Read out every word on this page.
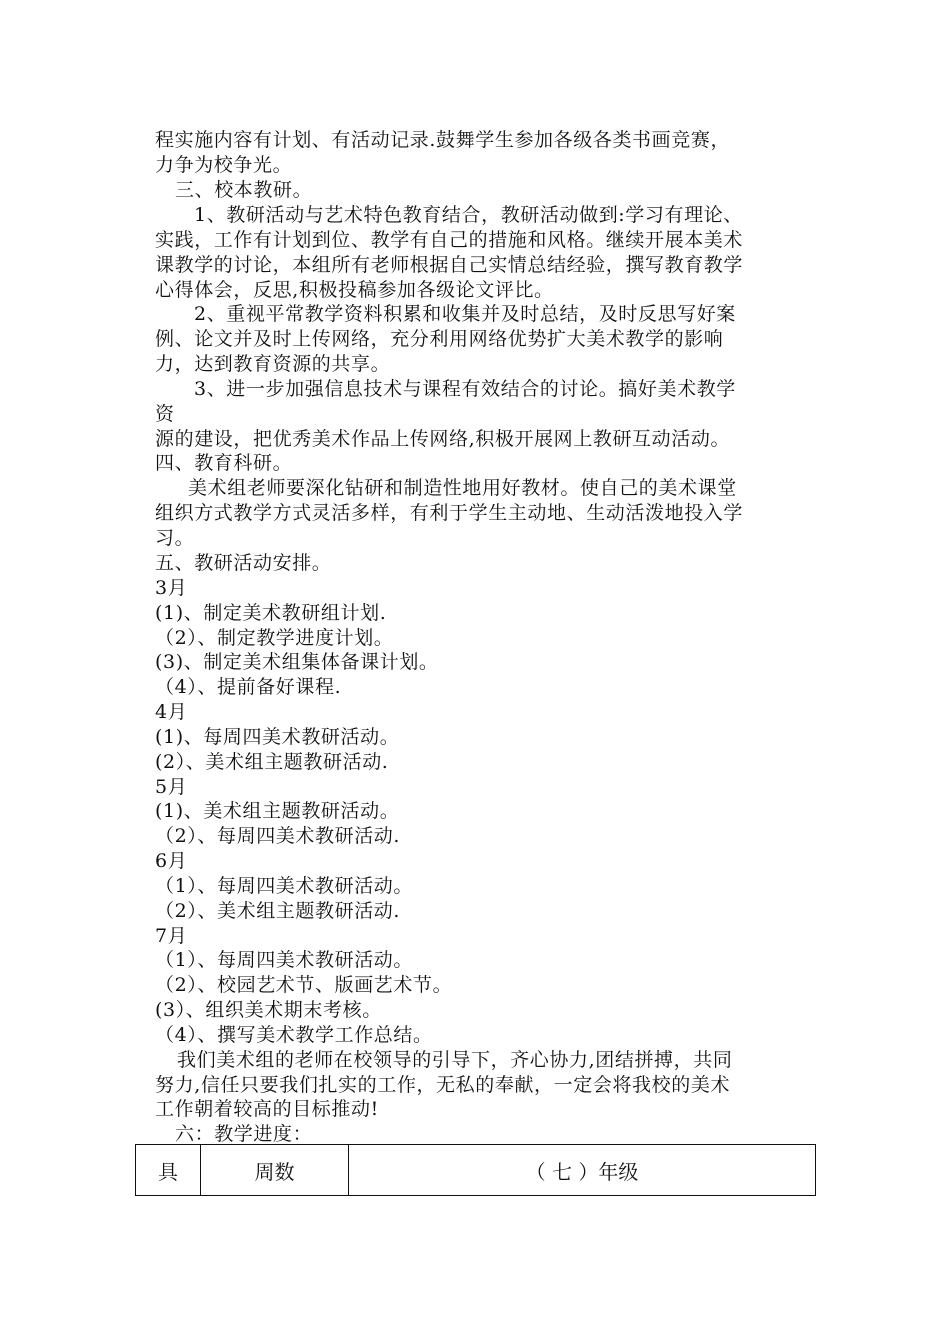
程实施内容有计划、有活动记录.鼓舞学生参加各级各类书画竞赛，
力争为校争光。
三、校本教研。
1、教研活动与艺术特色教育结合，教研活动做到:学习有理论、
实践，工作有计划到位、教学有自己的措施和风格。继续开展本美术
课教学的讨论，本组所有老师根据自己实情总结经验，撰写教育教学
心得体会，反思,积极投稿参加各级论文评比。
2、重视平常教学资料积累和收集并及时总结，及时反思写好案
例、论文并及时上传网络，充分利用网络优势扩大美术教学的影响
力，达到教育资源的共享。
3、进一步加强信息技术与课程有效结合的讨论。搞好美术教学
资
源的建设，把优秀美术作品上传网络,积极开展网上教研互动活动。
四、教育科研。
美术组老师要深化钻研和制造性地用好教材。使自己的美术课堂
组织方式教学方式灵活多样，有利于学生主动地、生动活泼地投入学
习。
五、教研活动安排。
3月
(1)、制定美术教研组计划.
（2）、制定教学进度计划。
(3)、制定美术组集体备课计划。
（4）、提前备好课程.
4月
(1)、每周四美术教研活动。
(2）、美术组主题教研活动.
5月
(1)、美术组主题教研活动。
（2）、每周四美术教研活动.
6月
（1）、每周四美术教研活动。
（2）、美术组主题教研活动.
7月
（1）、每周四美术教研活动。
（2）、校园艺术节、版画艺术节。
(3）、组织美术期末考核。
（4）、撰写美术教学工作总结。
我们美术组的老师在校领导的引导下，齐心协力,团结拼搏，共同
努力,信任只要我们扎实的工作，无私的奉献，一定会将我校的美术
工作朝着较高的目标推动!
六：教学进度：
具	周数	（ 七 ）年级
